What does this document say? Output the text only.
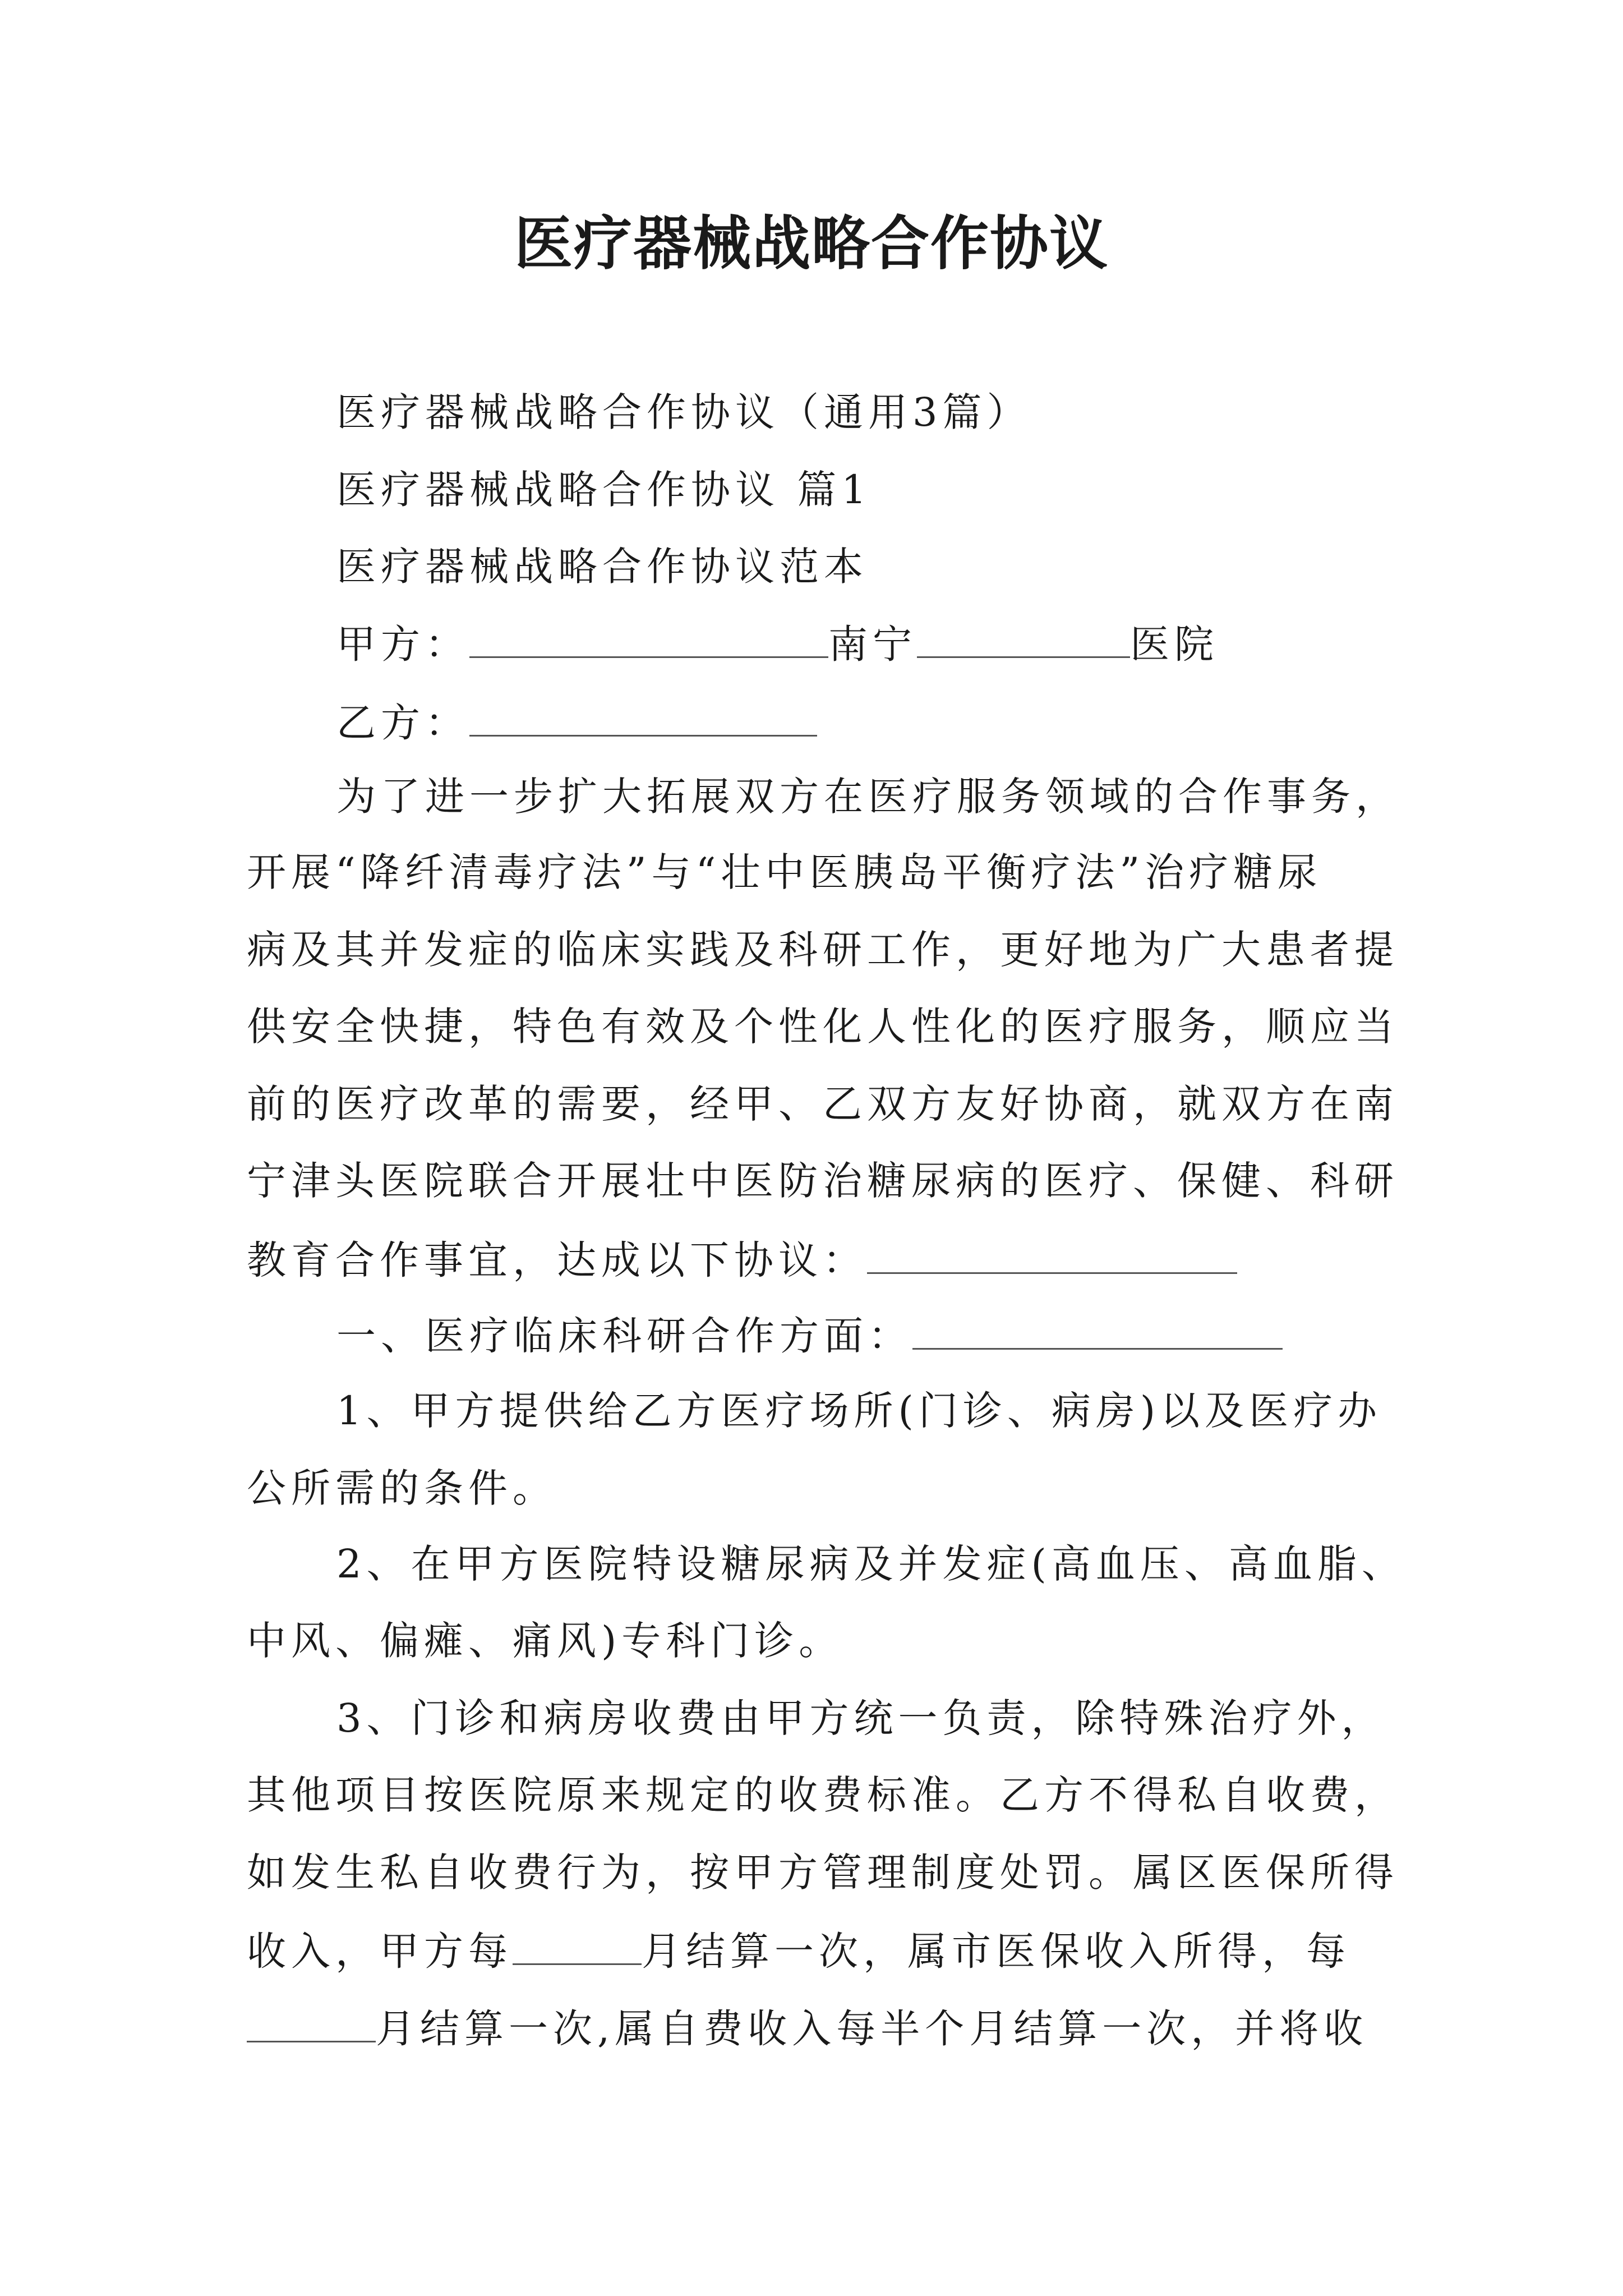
医疗器械战略合作协议
医疗器械战略合作协议（通用3篇）
医疗器械战略合作协议 篇1
医疗器械战略合作协议范本
甲方：	南宁	医院
乙方：
为了进一步扩大拓展双方在医疗服务领域的合作事务，
开展“降纤清毒疗法”与“壮中医胰岛平衡疗法”治疗糖尿
病及其并发症的临床实践及科研工作，更好地为广大患者提
供安全快捷，特色有效及个性化人性化的医疗服务，顺应当
前的医疗改革的需要，经甲、乙双方友好协商，就双方在南
宁津头医院联合开展壮中医防治糖尿病的医疗、保健、科研
教育合作事宜，达成以下协议：
一、医疗临床科研合作方面：
1、甲方提供给乙方医疗场所(门诊、病房)以及医疗办
公所需的条件。
2、在甲方医院特设糖尿病及并发症(高血压、高血脂、
中风、偏瘫、痛风)专科门诊。
3、门诊和病房收费由甲方统一负责，除特殊治疗外，
其他项目按医院原来规定的收费标准。乙方不得私自收费，
如发生私自收费行为，按甲方管理制度处罚。属区医保所得
收入，甲方每	月结算一次，属市医保收入所得，每
月结算一次,属自费收入每半个月结算一次，并将收
